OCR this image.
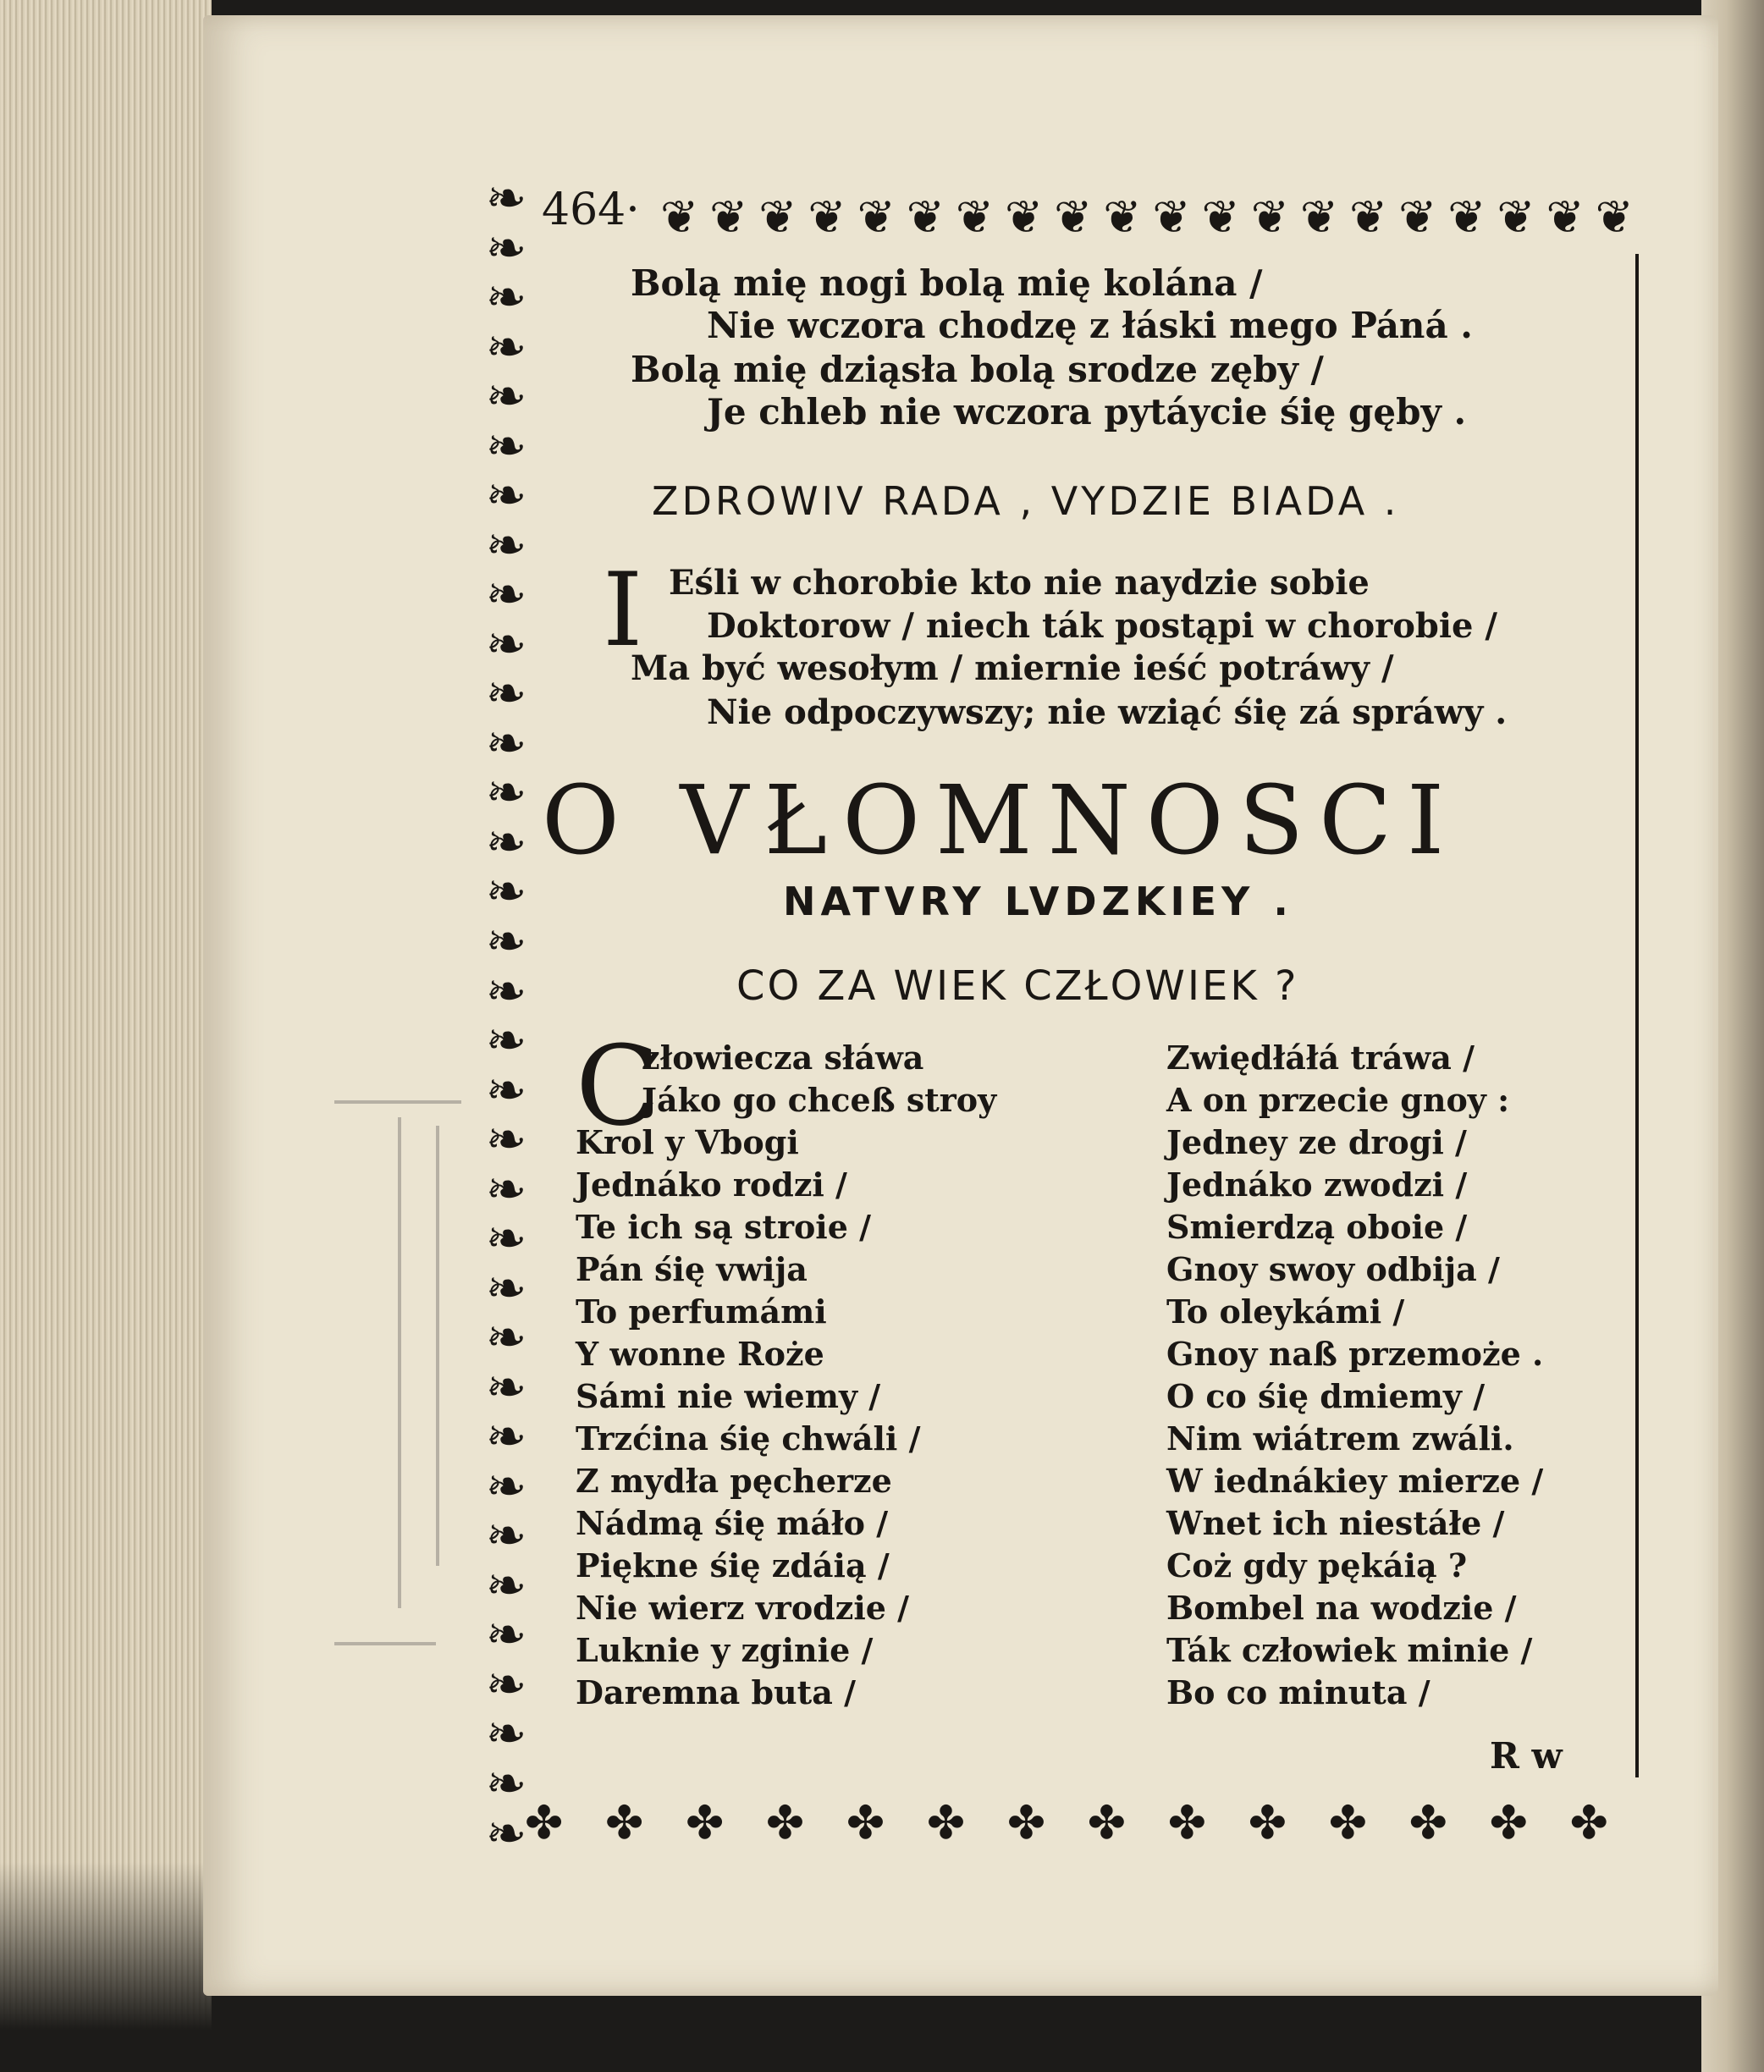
464· ❦ ❦ ❦ ❦ ❦ ❦ ❦ ❦ ❦ ❦ ❦ ❦ ❦ ❦ ❦ ❦ ❦ ❦ ❦ ❦
❧
❧
❧
❧
❧
❧
❧
❧
❧
❧
❧
❧
❧
❧
❧
❧
❧
❧
❧
❧
❧
❧
❧
❧
❧
❧
❧
❧
❧
❧
❧
❧
❧
❧
✤ ✤ ✤ ✤ ✤ ✤ ✤ ✤ ✤ ✤ ✤ ✤ ✤ ✤
Bolą mię nogi bolą mię kolána /
Nie wczora chodzę z łáski mego Páná .
Bolą mię dziąsła bolą srodze zęby /
Je chleb nie wczora pytáycie śię gęby .
ZDROWIV RADA , VYDZIE BIADA .
I Eśli w chorobie kto nie naydzie sobie
Doktorow / niech ták postąpi w chorobie /
Ma być wesołym / miernie ieść potráwy /
Nie odpoczywszy; nie wziąć śię zá spráwy .
O VŁOMNOSCI
NATVRY LVDZKIEY .
CO ZA WIEK CZŁOWIEK ?
C
złowiecza słáwa
Jáko go chceß stroy
Krol y Vbogi
Jednáko rodzi /
Te ich są stroie /
Pán śię vwija
To perfumámi
Y wonne Roże
Sámi nie wiemy /
Trzćina śię chwáli /
Z mydła pęcherze
Nádmą śię máło /
Piękne śię zdáią /
Nie wierz vrodzie /
Luknie y zginie /
Daremna buta /
Zwiędłáłá tráwa /
A on przecie gnoy :
Jedney ze drogi /
Jednáko zwodzi /
Smierdzą oboie /
Gnoy swoy odbija /
To oleykámi /
Gnoy naß przemoże .
O co śię dmiemy /
Nim wiátrem zwáli.
W iednákiey mierze /
Wnet ich niestáłe /
Coż gdy pękáią ?
Bombel na wodzie /
Ták człowiek minie /
Bo co minuta /
R w
